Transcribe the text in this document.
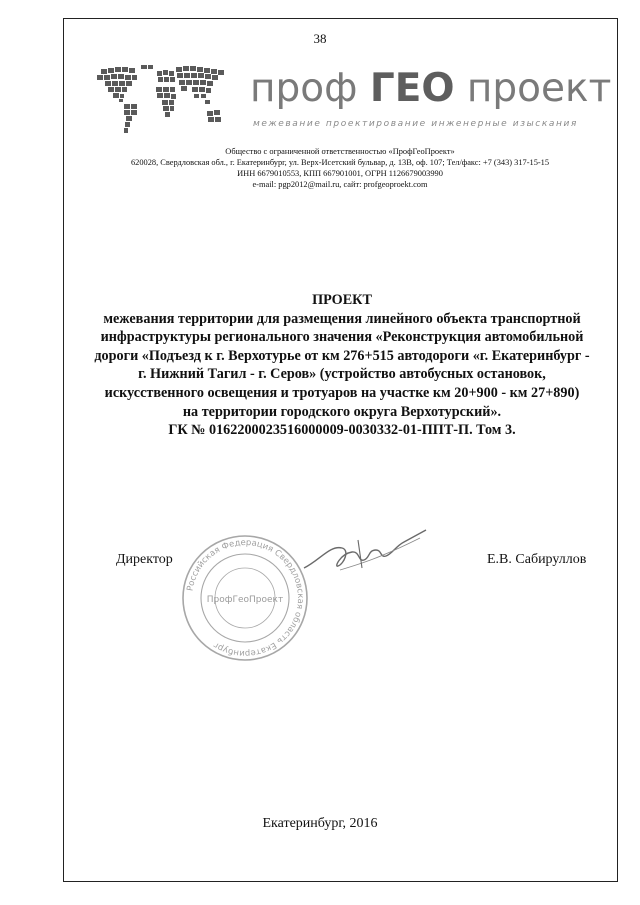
38
проф ГЕО проект
межевание проектирование инженерные изыскания
Общество с ограниченной ответственностью «ПрофГеоПроект»
620028, Свердловская обл., г. Екатеринбург, ул. Верх-Исетский бульвар, д. 13В, оф. 107; Тел/факс: +7 (343) 317-15-15
ИНН 6679010553, КПП 667901001, ОГРН 1126679003990
e-mail: pgp2012@mail.ru, сайт: profgeoproekt.com
ПРОЕКТ
межевания территории для размещения линейного объекта транспортной
инфраструктуры регионального значения «Реконструкция автомобильной
дороги «Подъезд к г. Верхотурье от км 276+515 автодороги «г. Екатеринбург -
г. Нижний Тагил - г. Серов» (устройство автобусных остановок,
искусственного освещения и тротуаров на участке км 20+900 - км 27+890)
на территории городского округа Верхотурский».
ГК № 0162200023516000009-0030332-01-ППТ-П. Том 3.
Российская Федерация Свердловская область Екатеринбург
ПрофГеоПроект
Директор	Е.В. Сабируллов
Екатеринбург, 2016
